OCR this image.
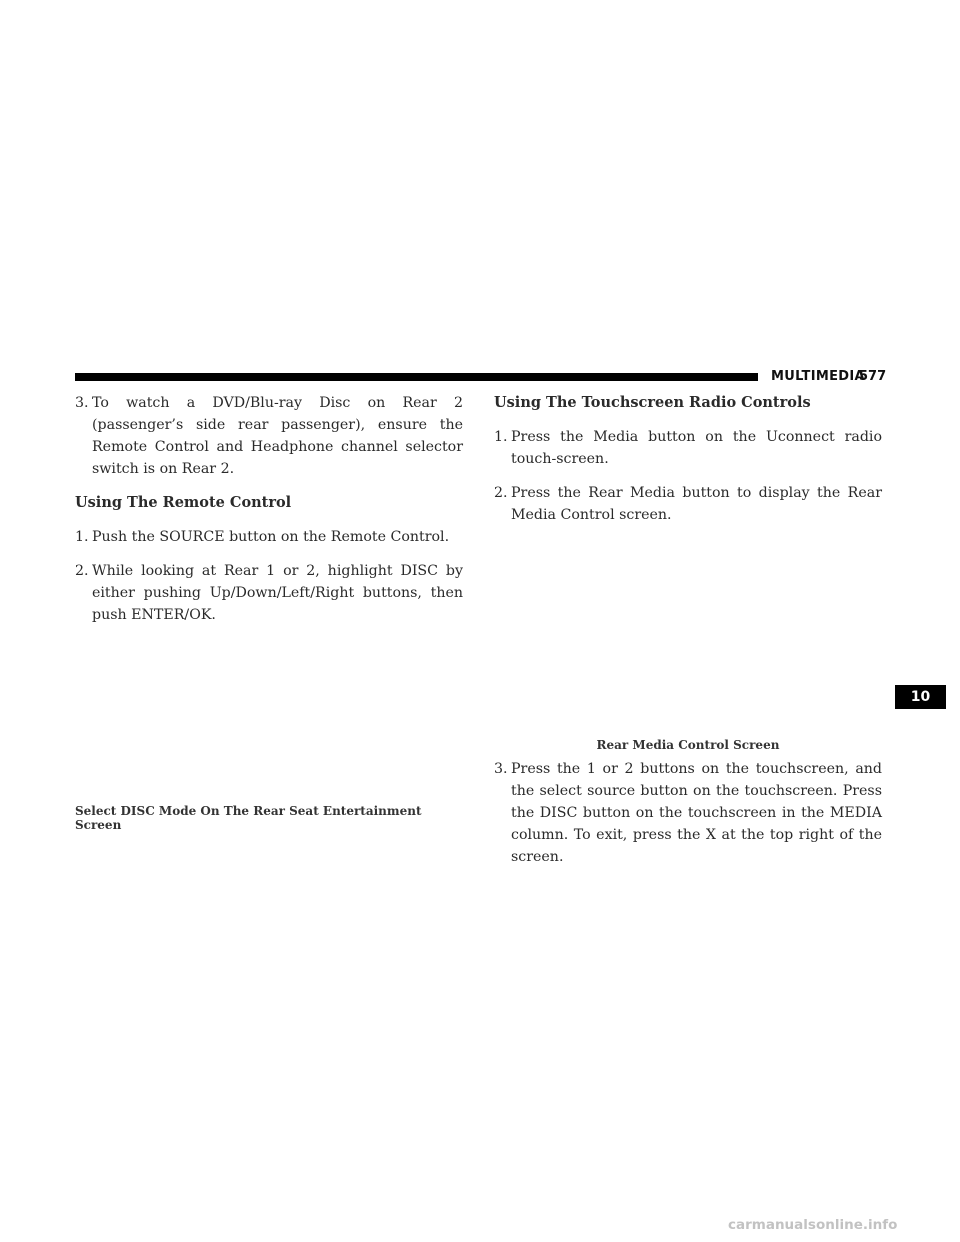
MULTIMEDIA
577
10
3. To watch a DVD/Blu-ray Disc on Rear 2 (passenger’s side rear passenger), ensure the Remote Control and Headphone channel selector switch is on Rear 2.
Using The Remote Control
1. Push the SOURCE button on the Remote Control.
2. While looking at Rear 1 or 2, highlight DISC by either pushing Up/Down/Left/Right buttons, then push ENTER/OK.
Select DISC Mode On The Rear Seat Entertainment Screen
Using The Touchscreen Radio Controls
1. Press the Media button on the Uconnect radio touch-screen.
2. Press the Rear Media button to display the Rear Media Control screen.
Rear Media Control Screen
3. Press the 1 or 2 buttons on the touchscreen, and the select source button on the touchscreen. Press the DISC button on the touchscreen in the MEDIA column. To exit, press the X at the top right of the screen.
carmanualsonline.info
